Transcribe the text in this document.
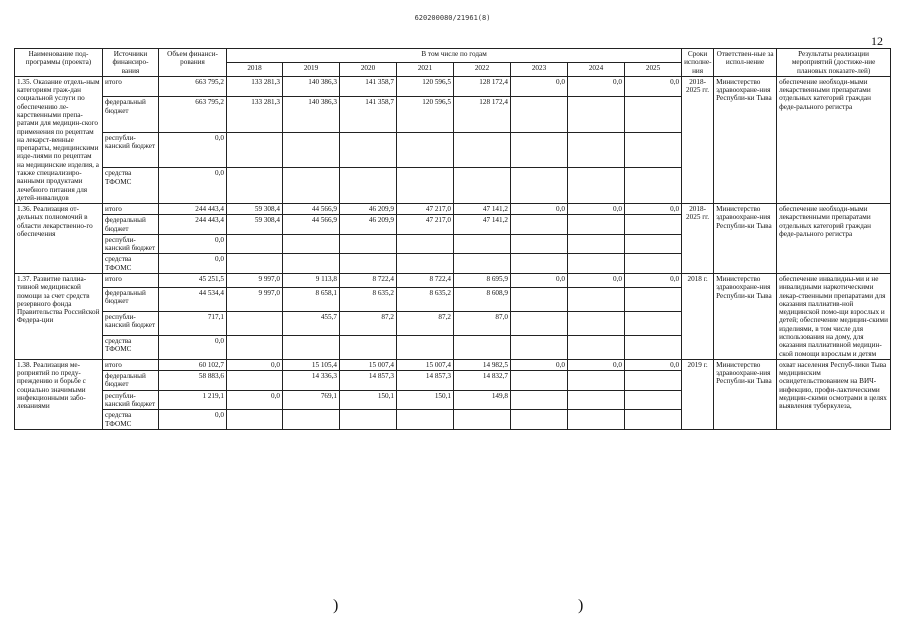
620200080/21961(8)
12
Наименование под-программы (проекта)	Источники финансиро-вания	Объем финанси-рования	В том числе по годам								Сроки исполне-ния	Ответствен-ные за испол-нение	Результаты реализации мероприятий (достиже-ние плановых показате-лей)
			2018	2019	2020	2021	2022	2023	2024	2025			
1.35. Оказание отдель-ным категориям граж-дан социальной услуги по обеспечению ле-карственными препа-ратами для медицин-ского применения по рецептам на лекарст-венные препараты, медицинскими изде-лиями по рецептам на медицинские изделия, а также специализиро-ванными продуктами лечебного питания для детей-инвалидов	итого	663 795,2	133 281,3	140 386,3	141 358,7	120 596,5	128 172,4	0,0	0,0	0,0	2018-2025 гг.	Министерство здравоохране-ния Республи-ки Тыва	обеспечение необходи-мыми лекарственными препаратами отдельных категорий граждан феде-рального регистра
	федеральный бюджет	663 795,2	133 281,3	140 386,3	141 358,7	120 596,5	128 172,4						
	республи-канский бюджет	0,0											
	средства ТФОМС	0,0											
1.36. Реализация от-дельных полномочий в области лекарственно-го обеспечения	итого	244 443,4	59 308,4	44 566,9	46 209,9	47 217,0	47 141,2	0,0	0,0	0,0	2018-2025 гг.	Министерство здравоохране-ния Республи-ки Тыва	обеспечение необходи-мыми лекарственными препаратами отдельных категорий граждан феде-рального регистра
	федеральный бюджет	244 443,4	59 308,4	44 566,9	46 209,9	47 217,0	47 141,2						
	республи-канский бюджет	0,0											
	средства ТФОМС	0,0											
1.37. Развитие паллиа-тивной медицинской помощи за счет средств резервного фонда Правительства Российской Федера-ции	итого	45 251,5	9 997,0	9 113,8	8 722,4	8 722,4	8 695,9	0,0	0,0	0,0	2018 г.	Министерство здравоохране-ния Республи-ки Тыва	обеспечение инвалидны-ми и не инвалидными наркотическими лекар-ственными препаратами для оказания паллиатив-ной медицинской помо-щи взрослых и детей; обеспечение медицин-скими изделиями, в том числе для использования на дому, для оказания паллиативной медицин-ской помощи взрослым и детям
	федеральный бюджет	44 534,4	9 997,0	8 658,1	8 635,2	8 635,2	8 608,9						
	республи-канский бюджет	717,1		455,7	87,2	87,2	87,0						
	средства ТФОМС	0,0											
1.38. Реализация ме-роприятий по преду-преждению и борьбе с социально значимыми инфекционными забо-леваниями	итого	60 102,7	0,0	15 105,4	15 007,4	15 007,4	14 982,5	0,0	0,0	0,0	2019 г.	Министерство здравоохране-ния Республи-ки Тыва	охват населения Респуб-лики Тыва медицинским освидетельствованием на ВИЧ-инфекцию, профи-лактическими медицин-скими осмотрами в целях выявления туберкулеза,
	федеральный бюджет	58 883,6		14 336,3	14 857,3	14 857,3	14 832,7						
	республи-канский бюджет	1 219,1	0,0	769,1	150,1	150,1	149,8						
	средства ТФОМС	0,0											
)	)
